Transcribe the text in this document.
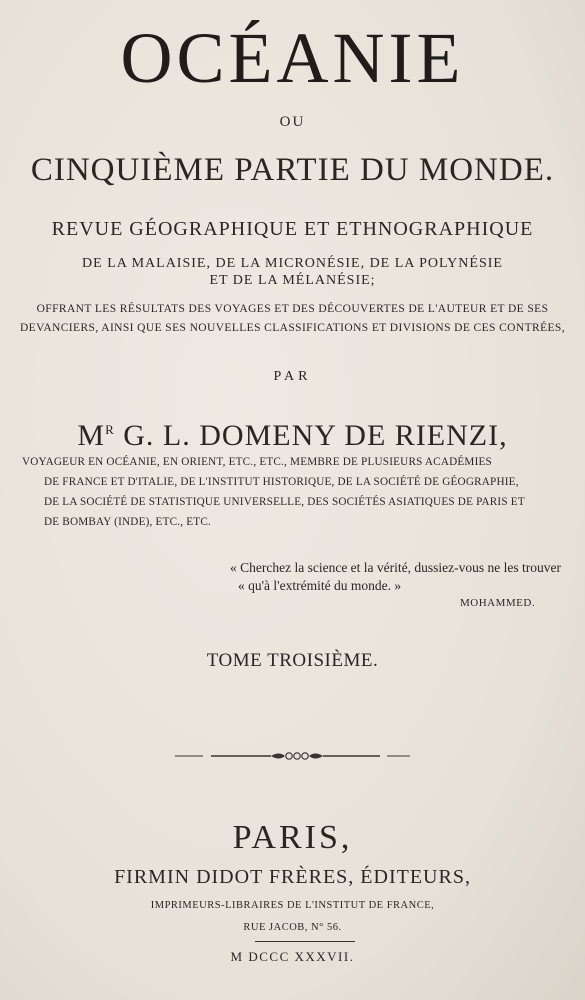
OCÉANIE

OU

CINQUIÈME PARTIE DU MONDE.

REVUE GÉOGRAPHIQUE ET ETHNOGRAPHIQUE

DE LA MALAISIE, DE LA MICRONÉSIE, DE LA POLYNÉSIE

ET DE LA MÉLANÉSIE;

OFFRANT LES RÉSULTATS DES VOYAGES ET DES DÉCOUVERTES DE L'AUTEUR ET DE SES

DEVANCIERS, AINSI QUE SES NOUVELLES CLASSIFICATIONS ET DIVISIONS DE CES CONTRÉES,

PAR

$M^R$ G. L. DOMENY DE RIENZI,

VOYAGEUR EN OCÉANIE, EN ORIENT, ETC., ETC., MEMBRE DE PLUSIEURS ACADÉMIES

DE FRANCE ET D'ITALIE, DE L'INSTITUT HISTORIQUE, DE LA SOCIÉTÉ DE GÉOGRAPHIE,

DE LA SOCIÉTÉ DE STATISTIQUE UNIVERSELLE, DES SOCIÉTÉS ASIATIQUES DE PARIS ET

DE BOMBAY (INDE), ETC., ETC.

« Cherchez la science et la vérité, dussiez-vous ne les trouver

« qu'à l'extrémité du monde. »

MOHAMMED.

TOME TROISIÈME.

PARIS,

FIRMIN DIDOT FRÈRES, ÉDITEURS,

IMPRIMEURS-LIBRAIRES DE L'INSTITUT DE FRANCE,

RUE JACOB, N° 56.

M DCCC XXXVII.
